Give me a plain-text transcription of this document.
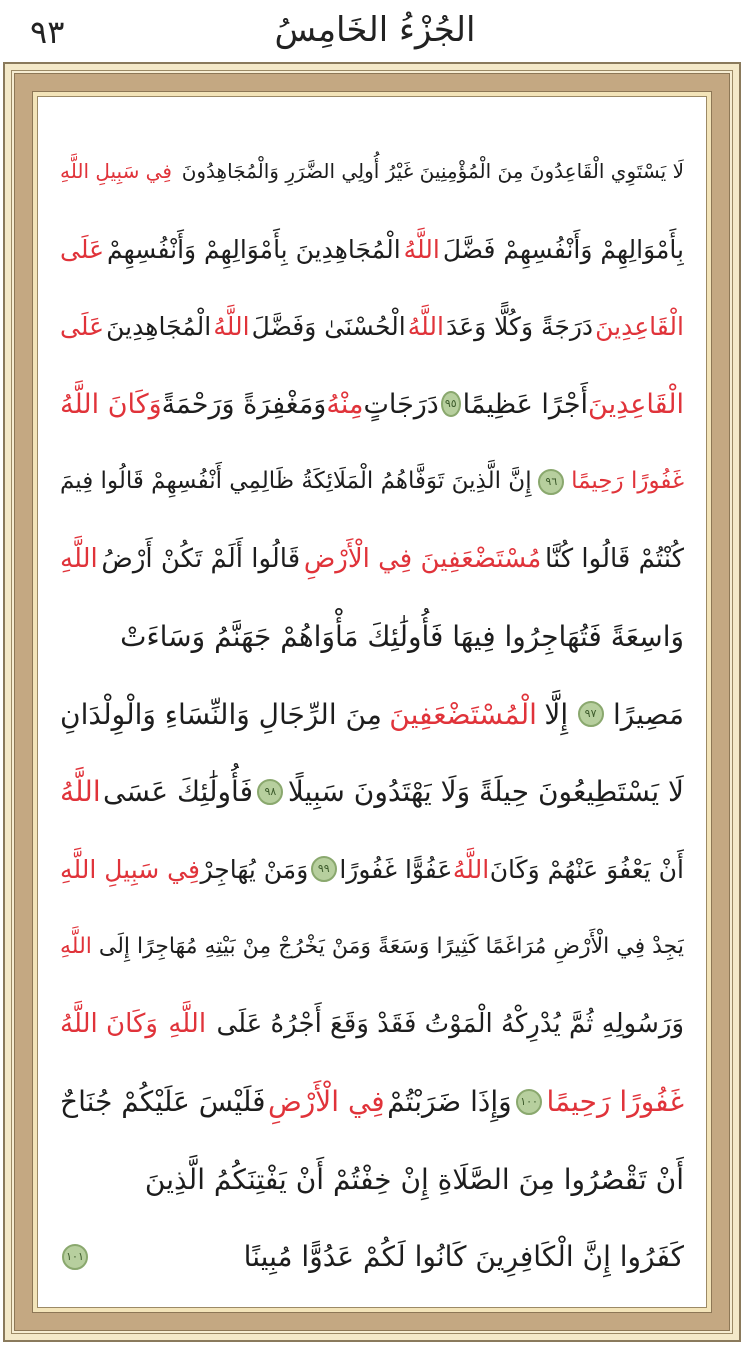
الجُزْءُ الخَامِسُ
٩٣
لَا يَسْتَوِي الْقَاعِدُونَ مِنَ الْمُؤْمِنِينَ غَيْرُ أُولِي الضَّرَرِ وَالْمُجَاهِدُونَ
فِي سَبِيلِ اللَّهِ
بِأَمْوَالِهِمْ وَأَنْفُسِهِمْ فَضَّلَ
اللَّهُ
الْمُجَاهِدِينَ بِأَمْوَالِهِمْ وَأَنْفُسِهِمْ
عَلَى
الْقَاعِدِينَ
دَرَجَةً وَكُلًّا وَعَدَ
اللَّهُ
الْحُسْنَىٰ وَفَضَّلَ
اللَّهُ
الْمُجَاهِدِينَ
عَلَى
الْقَاعِدِينَ
أَجْرًا عَظِيمًا
٩٥
دَرَجَاتٍ
مِنْهُ
وَمَغْفِرَةً وَرَحْمَةً
وَكَانَ اللَّهُ
غَفُورًا رَحِيمًا
٩٦
إِنَّ الَّذِينَ تَوَفَّاهُمُ الْمَلَائِكَةُ ظَالِمِي أَنْفُسِهِمْ قَالُوا فِيمَ
كُنْتُمْ قَالُوا كُنَّا
مُسْتَضْعَفِينَ فِي الْأَرْضِ
قَالُوا أَلَمْ تَكُنْ أَرْضُ
اللَّهِ
وَاسِعَةً فَتُهَاجِرُوا فِيهَا فَأُولَٰئِكَ مَأْوَاهُمْ جَهَنَّمُ وَسَاءَتْ
مَصِيرًا
٩٧
إِلَّا
الْمُسْتَضْعَفِينَ
مِنَ الرِّجَالِ وَالنِّسَاءِ وَالْوِلْدَانِ
لَا يَسْتَطِيعُونَ حِيلَةً وَلَا يَهْتَدُونَ سَبِيلًا
٩٨
فَأُولَٰئِكَ عَسَى
اللَّهُ
أَنْ يَعْفُوَ عَنْهُمْ وَكَانَ
اللَّهُ
عَفُوًّا غَفُورًا
٩٩
وَمَنْ يُهَاجِرْ
فِي سَبِيلِ اللَّهِ
يَجِدْ فِي الْأَرْضِ مُرَاغَمًا كَثِيرًا وَسَعَةً وَمَنْ يَخْرُجْ مِنْ بَيْتِهِ مُهَاجِرًا إِلَى
اللَّهِ
وَرَسُولِهِ ثُمَّ يُدْرِكْهُ الْمَوْتُ فَقَدْ وَقَعَ أَجْرُهُ عَلَى
اللَّهِ
وَكَانَ اللَّهُ
غَفُورًا رَحِيمًا
١٠٠
وَإِذَا ضَرَبْتُمْ
فِي الْأَرْضِ
فَلَيْسَ عَلَيْكُمْ جُنَاحٌ
أَنْ تَقْصُرُوا مِنَ الصَّلَاةِ إِنْ خِفْتُمْ أَنْ يَفْتِنَكُمُ الَّذِينَ
كَفَرُوا إِنَّ الْكَافِرِينَ كَانُوا لَكُمْ عَدُوًّا مُبِينًا
١٠١
